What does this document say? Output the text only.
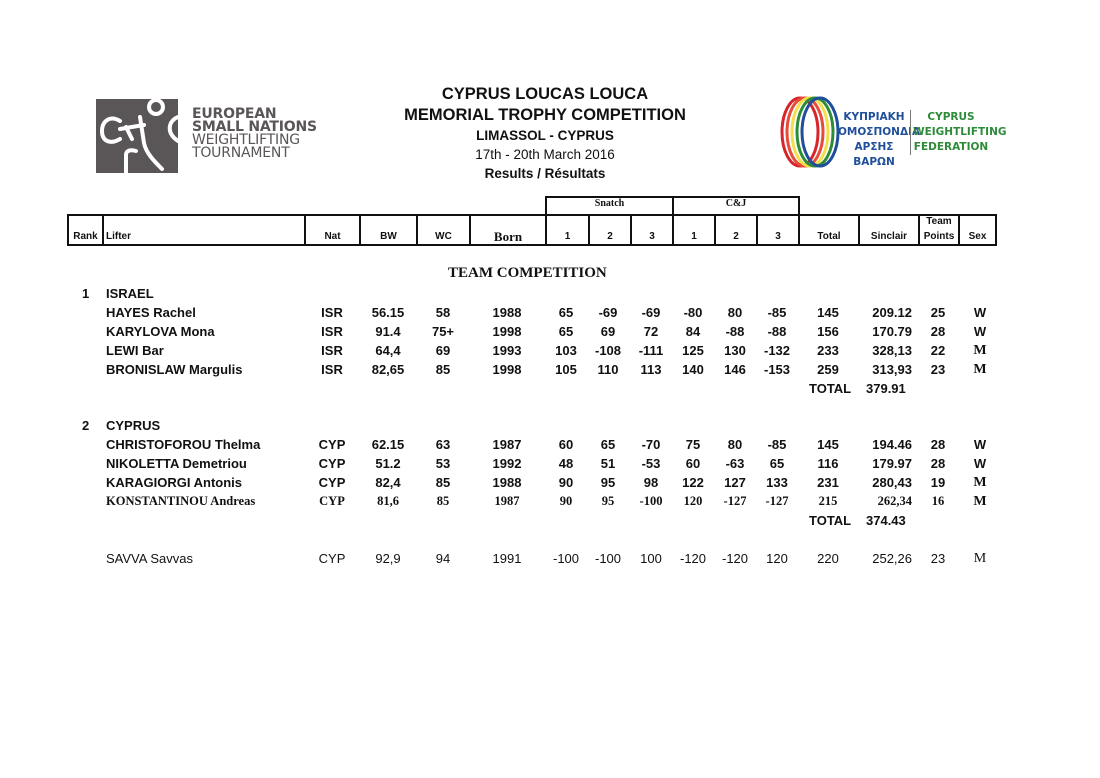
EUROPEAN
SMALL NATIONS
WEIGHTLIFTING
TOURNAMENT
CYPRUS LOUCAS LOUCA
MEMORIAL TROPHY COMPETITION
LIMASSOL - CYPRUS
17th - 20th March 2016
Results / Résultats
ΚΥΠΡΙΑΚΗ
ΟΜΟΣΠΟΝΔΙΑ
ΑΡΣΗΣ ΒΑΡΩΝ
CYPRUS
WEIGHTLIFTING
FEDERATION
Snatch	C&J
Rank Lifter	Nat	BW	WC	Born	1	2	3	1	2	3	Total	Sinclair	Points	Sex
Team
TEAM COMPETITION
1 ISRAEL
HAYES Rachel	ISR 56.15 58	1988	65 -69 -69 -80 80 -85 145	209.12 25 W
KARYLOVA Mona	ISR	91.4 75+	1998	65 69 72 84 -88 -88 156	170.79 28 W
LEWI Bar	ISR	64,4	69	1993	103 -108 -111 125 130 -132 233	328,13 22 M
BRONISLAW Margulis	ISR 82,65 85	1998	105 110 113 140 146 -153 259	313,93 23 M
TOTAL 379.91
2 CYPRUS
CHRISTOFOROU Thelma	CYP 62.15 63	1987	60 65 -70 75 80 -85 145	194.46 28 W
NIKOLETTA Demetriou	CYP 51.2	53	1992	48 51 -53 60 -63 65	116	179.97 28 W
KARAGIORGI Antonis	CYP 82,4	85	1988	90 95 98 122 127 133 231	280,43 19 M
KONSTANTINOU Andreas	CYP	81,6	85	1987	90 95 -100 120 -127 -127 215	262,34 16 M
TOTAL 374.43
SAVVA Savvas	CYP 92,9	94	1991 -100 -100 100 -120 -120 120 220	252,26 23 M
